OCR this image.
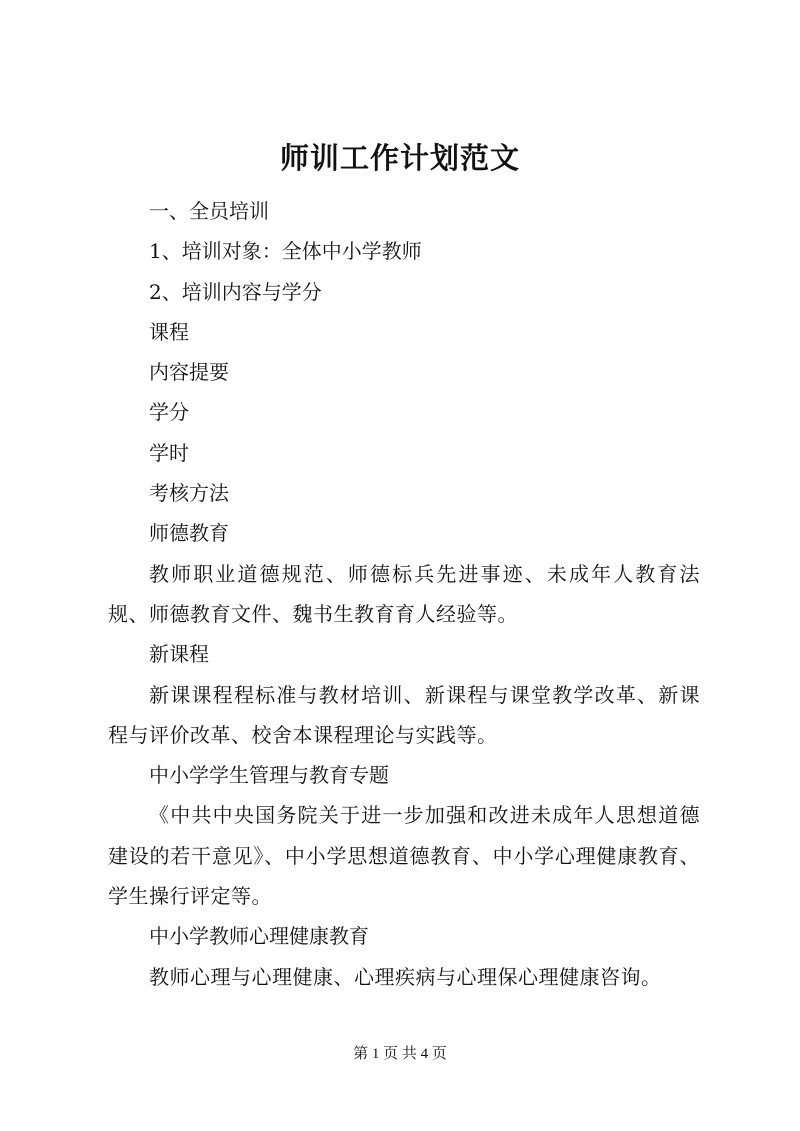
师训工作计划范文

一、全员培训

1、培训对象：全体中小学教师

2、培训内容与学分

课程

内容提要

学分

学时

考核方法

师德教育

教师职业道德规范、师德标兵先进事迹、未成年人教育法规、师德教育文件、魏书生教育育人经验等。

新课程

新课课程程标准与教材培训、新课程与课堂教学改革、新课程与评价改革、校舍本课程理论与实践等。

中小学学生管理与教育专题

《中共中央国务院关于进一步加强和改进未成年人思想道德建设的若干意见》、中小学思想道德教育、中小学心理健康教育、学生操行评定等。

中小学教师心理健康教育

教师心理与心理健康、心理疾病与心理保心理健康咨询。

第 1 页 共 4 页
